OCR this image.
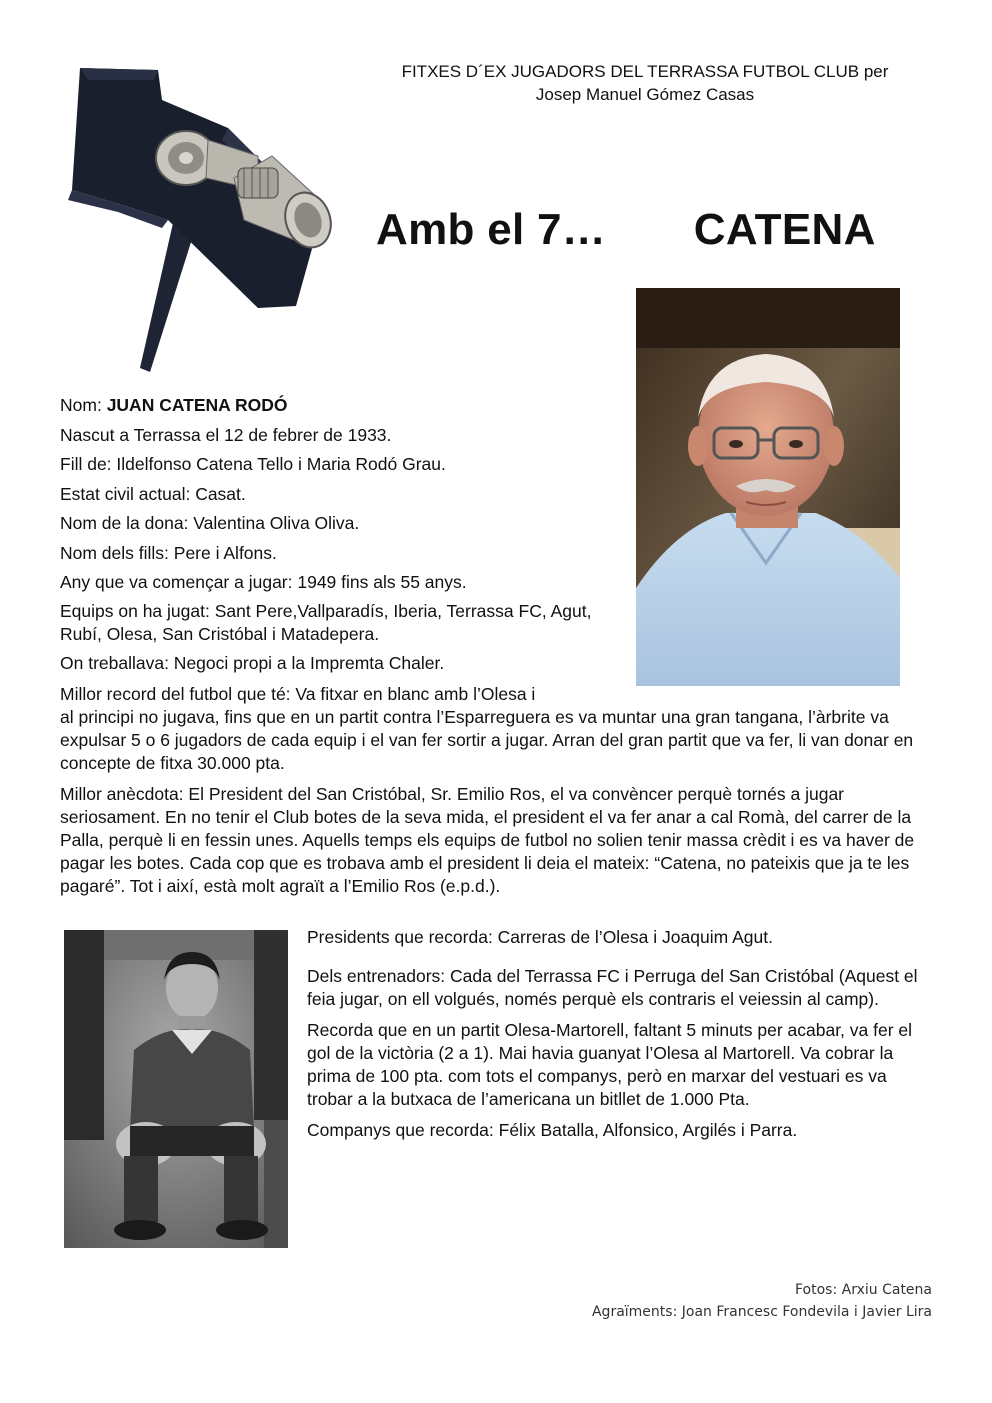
FITXES D´EX JUGADORS DEL TERRASSA FUTBOL CLUB per
Josep Manuel Gómez Casas
Amb el 7… CATENA

Nom: JUAN CATENA RODÓ

Nascut a Terrassa el 12 de febrer de 1933.

Fill de: Ildelfonso Catena Tello i Maria Rodó Grau.

Estat civil actual: Casat.

Nom de la dona: Valentina Oliva Oliva.

Nom dels fills: Pere i Alfons.

Any que va començar a jugar: 1949 fins als 55 anys.

Equips on ha jugat: Sant Pere,Vallparadís, Iberia, Terrassa FC, Agut, Rubí, Olesa, San Cristóbal i Matadepera.

On treballava: Negoci propi a la Impremta Chaler.

Millor record del futbol que té: Va fitxar en blanc amb l’Olesa i
al principi no jugava, fins que en un partit contra l’Esparreguera es va muntar una gran tangana, l’àrbrite va expulsar 5 o 6 jugadors de cada equip i el van fer sortir a jugar. Arran del gran partit que va fer, li van donar en concepte de fitxa 30.000 pta.

Millor anècdota: El President del San Cristóbal, Sr. Emilio Ros, el va convèncer perquè tornés a jugar seriosament. En no tenir el Club botes de la seva mida, el president el va fer anar a cal Romà, del carrer de la Palla, perquè li en fessin unes. Aquells temps els equips de futbol no solien tenir massa crèdit i es va haver de pagar les botes. Cada cop que es trobava amb el president li deia el mateix: “Catena, no pateixis que ja te les pagaré”. Tot i així, està molt agraït a l’Emilio Ros (e.p.d.).

Presidents que recorda: Carreras de l’Olesa i Joaquim Agut.

Dels entrenadors: Cada del Terrassa FC i Perruga del San Cristóbal (Aquest el feia jugar, on ell volgués, només perquè els contraris el veiessin al camp).

Recorda que en un partit Olesa-Martorell, faltant 5 minuts per acabar, va fer el gol de la victòria (2 a 1). Mai havia guanyat l’Olesa al Martorell. Va cobrar la prima de 100 pta. com tots el companys, però en marxar del vestuari es va trobar a la butxaca de l’americana un bitllet de 1.000 Pta.

Companys que recorda: Félix Batalla, Alfonsico, Argilés i Parra.

Fotos: Arxiu Catena
Agraïments: Joan Francesc Fondevila i Javier Lira
